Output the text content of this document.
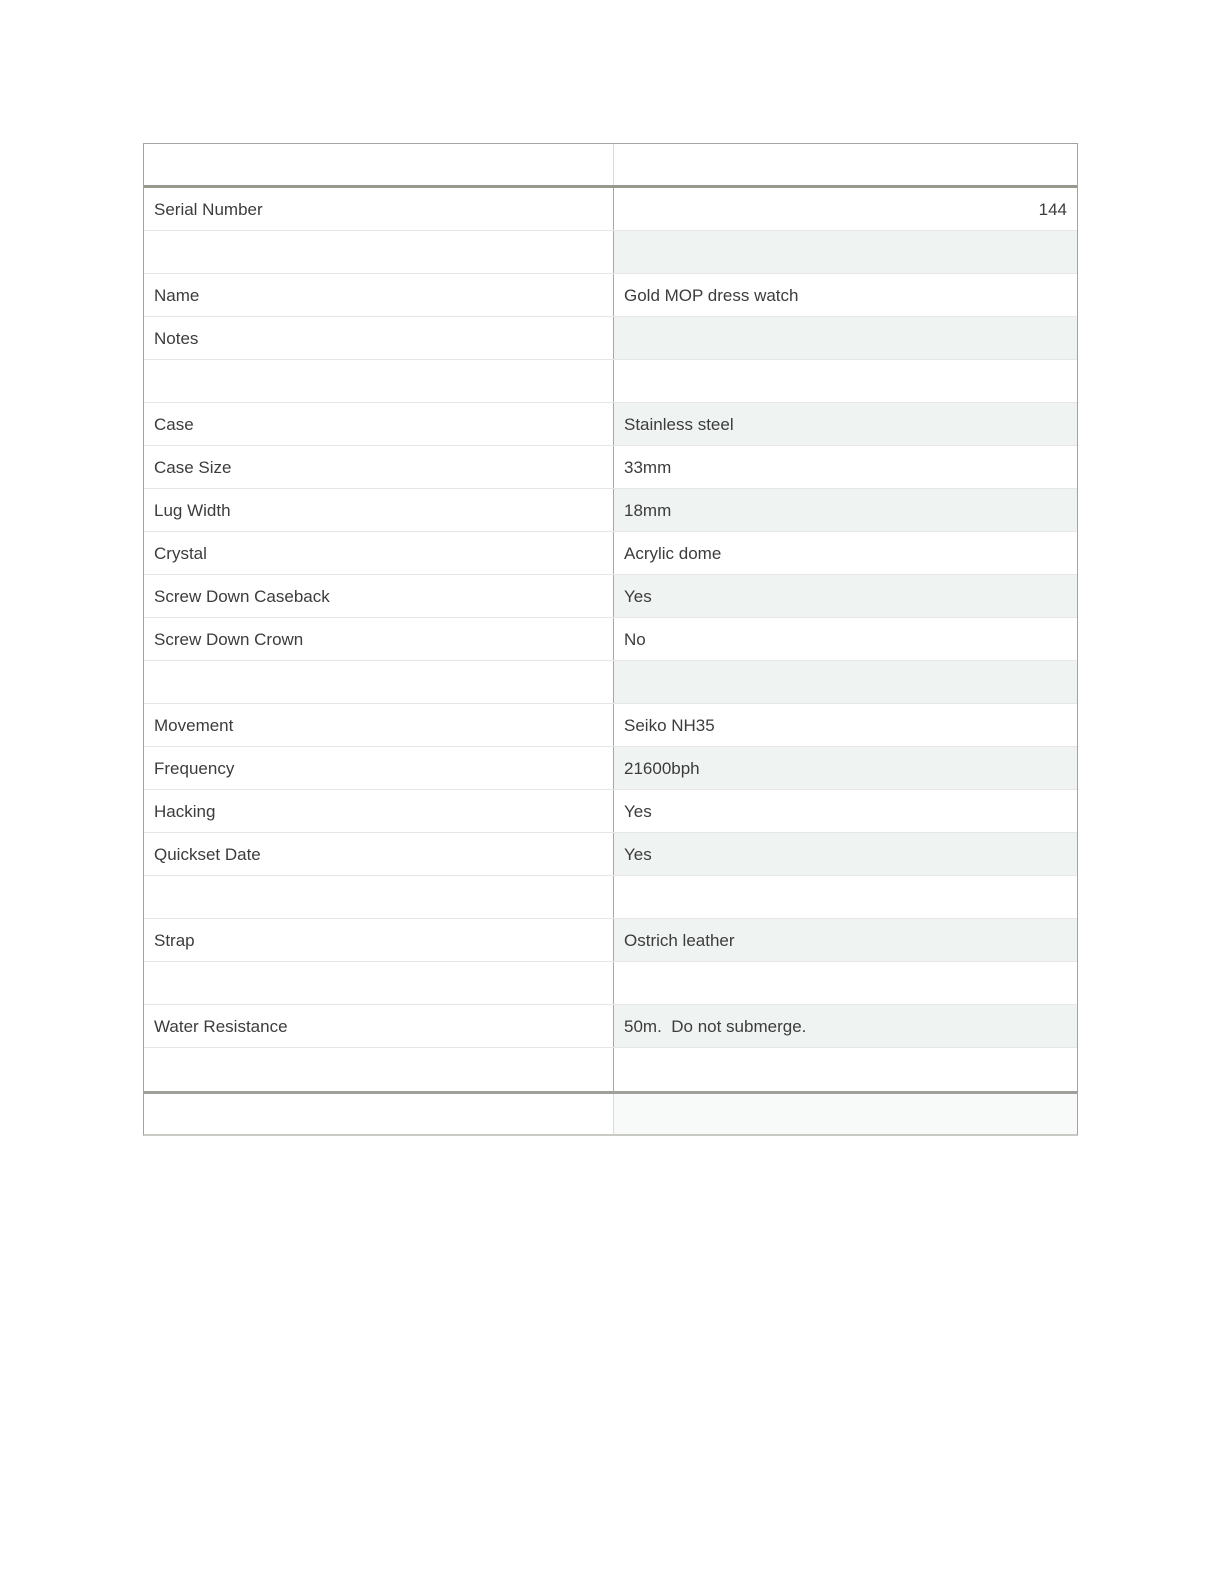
Serial Number	144
Name	Gold MOP dress watch
Notes
Case	Stainless steel
Case Size	33mm
Lug Width	18mm
Crystal	Acrylic dome
Screw Down Caseback	Yes
Screw Down Crown	No
Movement	Seiko NH35
Frequency	21600bph
Hacking	Yes
Quickset Date	Yes
Strap	Ostrich leather
Water Resistance	50m.  Do not submerge.
